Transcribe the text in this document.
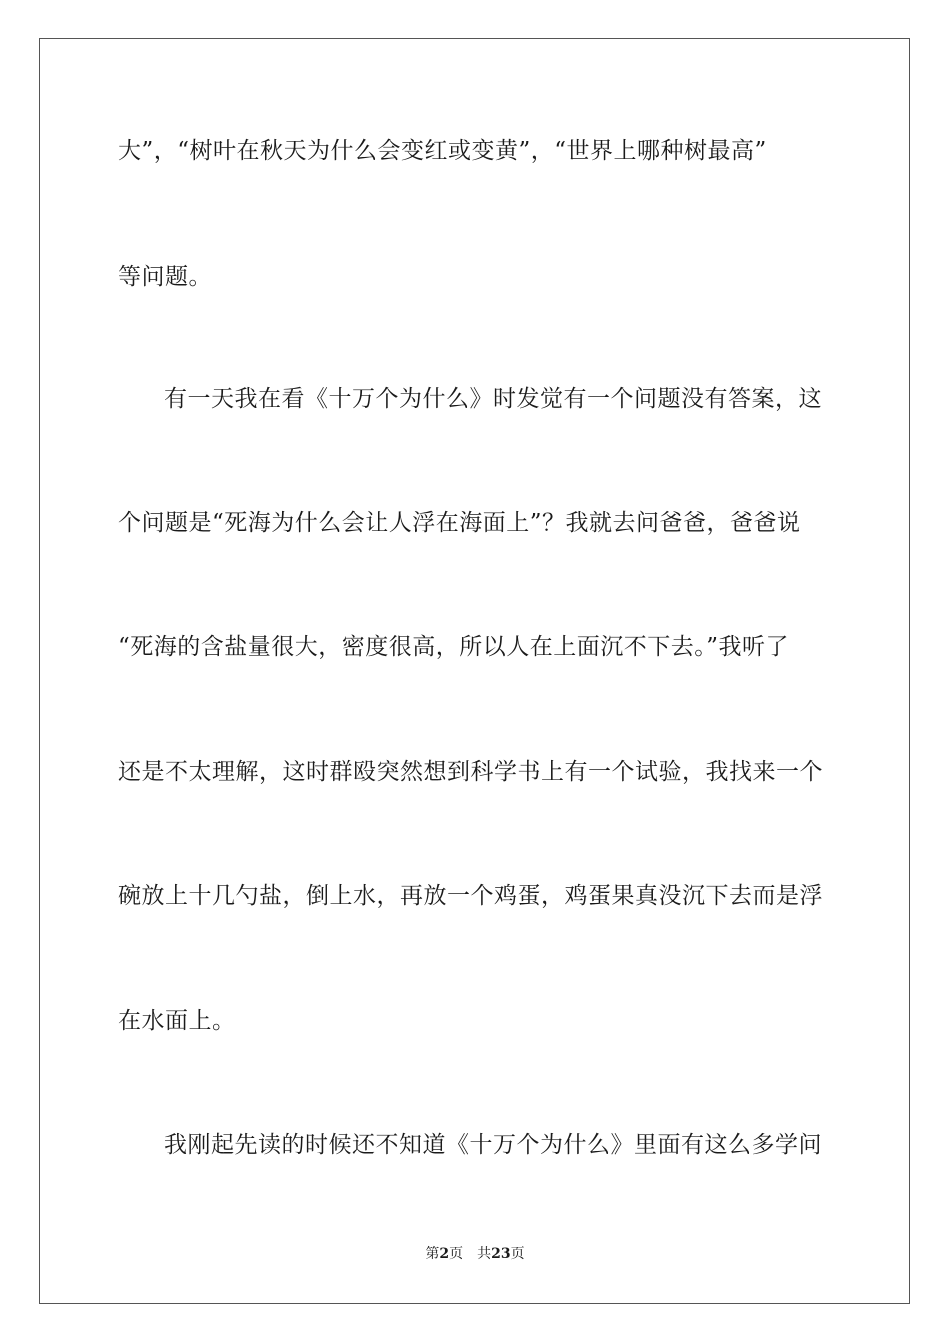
大”，“树叶在秋天为什么会变红或变黄”，“世界上哪种树最高”
等问题。
有一天我在看《十万个为什么》时发觉有一个问题没有答案，这
个问题是“死海为什么会让人浮在海面上”？我就去问爸爸，爸爸说
“死海的含盐量很大，密度很高，所以人在上面沉不下去。”我听了
还是不太理解，这时群殴突然想到科学书上有一个试验，我找来一个
碗放上十几勺盐，倒上水，再放一个鸡蛋，鸡蛋果真没沉下去而是浮
在水面上。
我刚起先读的时候还不知道《十万个为什么》里面有这么多学问
第2页 共23页
